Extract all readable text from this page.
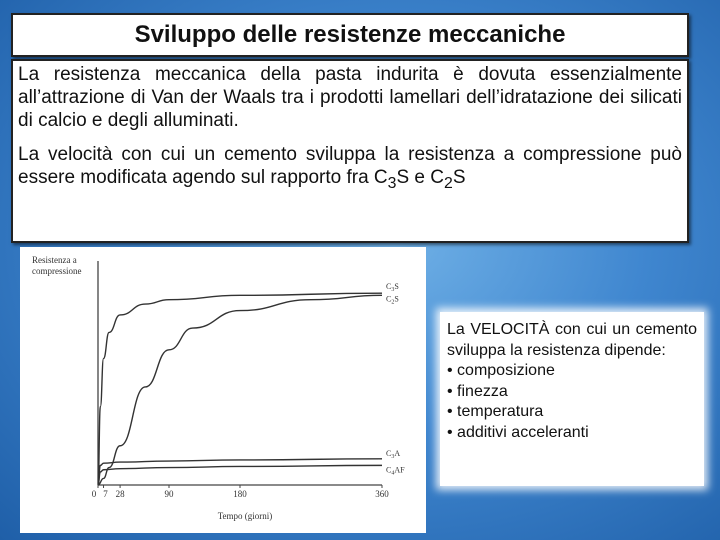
Sviluppo delle resistenze meccaniche

La resistenza meccanica della pasta indurita è dovuta essenzialmente all’attrazione di Van der Waals tra i prodotti lamellari dell’idratazione dei silicati di calcio e degli alluminati.

La velocità con cui un cemento sviluppa la resistenza a compressione può essere modificata agendo sul rapporto fra $C_3S$ e $C_2S$

Resistenza a
compressione
Tempo (giorni)
0 7 28	90	180	360
$C_3S$
$C_2S$
$C_3A$
$C_4AF$
La VELOCITÀ con cui un cemento sviluppa la resistenza dipende:
• composizione
• finezza
• temperatura
• additivi acceleranti
